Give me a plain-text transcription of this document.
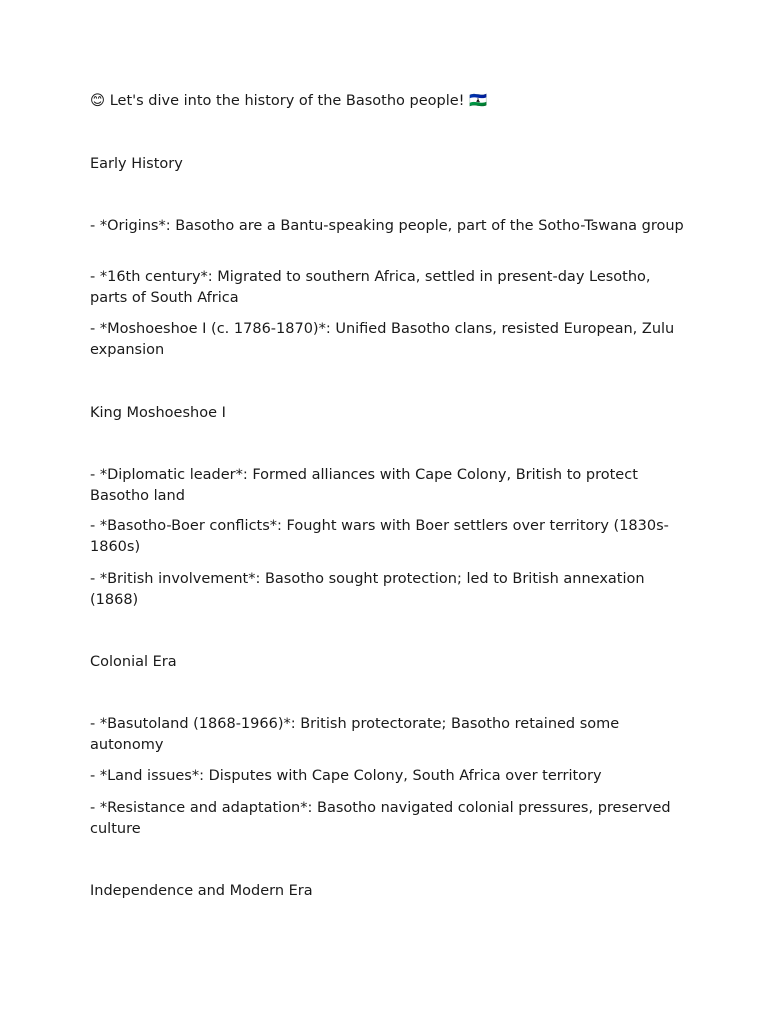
😊 Let's dive into the history of the Basotho people! 🇱🇸
Early History
- *Origins*: Basotho are a Bantu-speaking people, part of the Sotho-Tswana group
- *16th century*: Migrated to southern Africa, settled in present-day Lesotho, parts of South Africa
- *Moshoeshoe I (c. 1786-1870)*: Unified Basotho clans, resisted European, Zulu expansion
King Moshoeshoe I
- *Diplomatic leader*: Formed alliances with Cape Colony, British to protect Basotho land
- *Basotho-Boer conflicts*: Fought wars with Boer settlers over territory (1830s-1860s)
- *British involvement*: Basotho sought protection; led to British annexation (1868)
Colonial Era
- *Basutoland (1868-1966)*: British protectorate; Basotho retained some autonomy
- *Land issues*: Disputes with Cape Colony, South Africa over territory
- *Resistance and adaptation*: Basotho navigated colonial pressures, preserved culture
Independence and Modern Era
